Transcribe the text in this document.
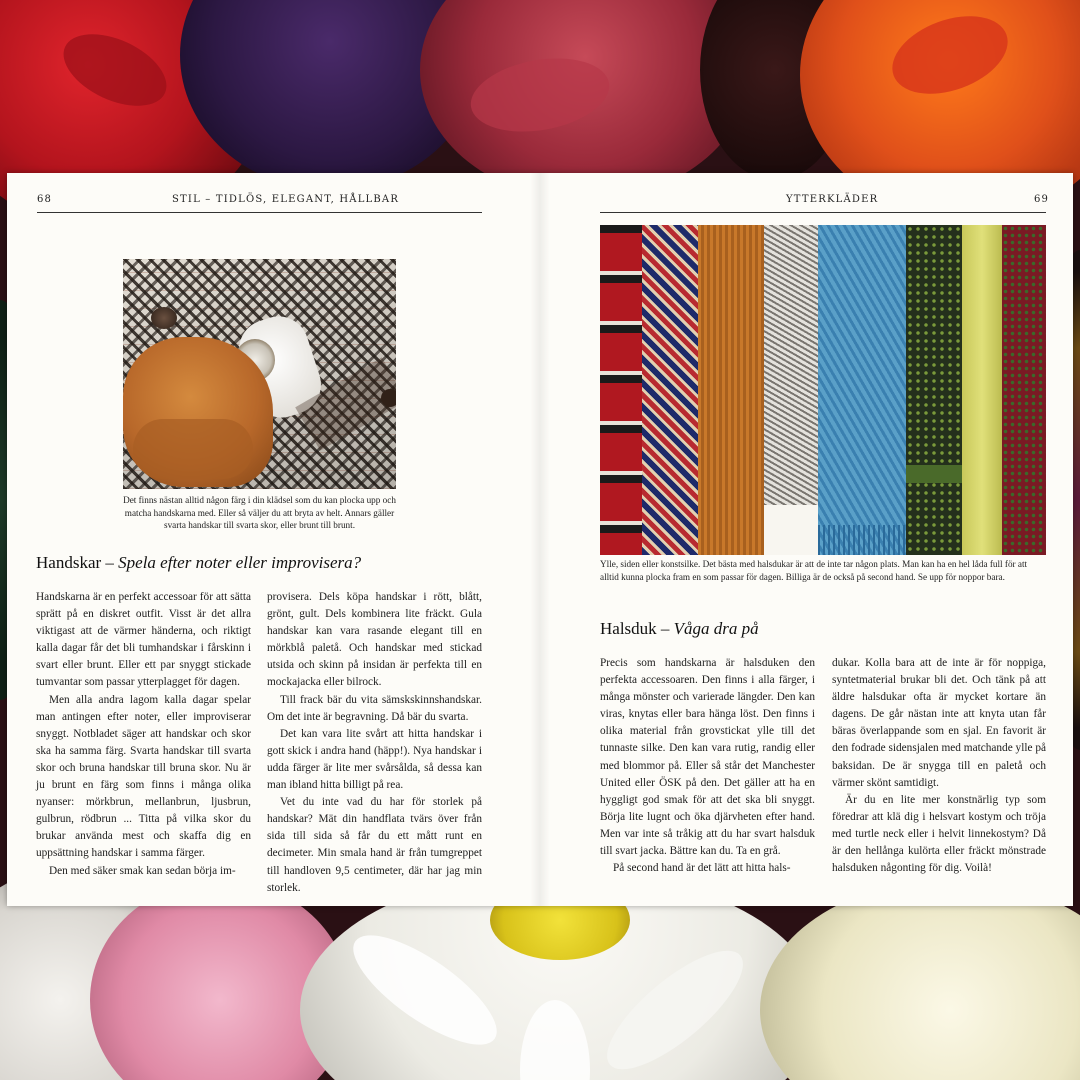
68	STIL – TIDLÖS, ELEGANT, HÅLLBAR
Det finns nästan alltid någon färg i din klädsel som du kan plocka upp och matcha handskarna med. Eller så väljer du att bryta av helt. Annars gäller svarta handskar till svarta skor, eller brunt till brunt.
Handskar – Spela efter noter eller improvisera?

Handskarna är en perfekt accessoar för att sätta sprätt på en diskret outfit. Visst är det allra viktigast att de värmer händerna, och riktigt kalla dagar får det bli tumhandskar i fårskinn i svart eller brunt. Eller ett par snyggt stickade tumvantar som passar ytterplagget för dagen.

Men alla andra lagom kalla dagar spelar man antingen efter noter, eller improviserar snyggt. Notbladet säger att handskar och skor ska ha samma färg. Svarta handskar till svarta skor och bruna handskar till bruna skor. Nu är ju brunt en färg som finns i många olika nyanser: mörkbrun, mellanbrun, ljusbrun, gulbrun, rödbrun ... Titta på vilka skor du brukar använda mest och skaffa dig en uppsättning handskar i samma färger.

Den med säker smak kan sedan börja im-

provisera. Dels köpa handskar i rött, blått, grönt, gult. Dels kombinera lite fräckt. Gula handskar kan vara rasande elegant till en mörkblå paletå. Och handskar med stickad utsida och skinn på insidan är perfekta till en mockajacka eller bilrock.

Till frack bär du vita sämskskinnshandskar. Om det inte är begravning. Då bär du svarta.

Det kan vara lite svårt att hitta handskar i gott skick i andra hand (häpp!). Nya handskar i udda färger är lite mer svårsålda, så dessa kan man ibland hitta billigt på rea.

Vet du inte vad du har för storlek på handskar? Mät din handflata tvärs över från sida till sida så får du ett mått runt en decimeter. Min smala hand är från tumgreppet till handloven 9,5 centimeter, där har jag min storlek.

YTTERKLÄDER	69
Ylle, siden eller konstsilke. Det bästa med halsdukar är att de inte tar någon plats. Man kan ha en hel låda full för att alltid kunna plocka fram en som passar för dagen. Billiga är de också på second hand. Se upp för noppor bara.
Halsduk – Våga dra på

Precis som handskarna är halsduken den perfekta accessoaren. Den finns i alla färger, i många mönster och varierade längder. Den kan viras, knytas eller bara hänga löst. Den finns i olika material från grovstickat ylle till det tunnaste silke. Den kan vara rutig, randig eller med blommor på. Eller så står det Manchester United eller ÖSK på den. Det gäller att ha en hyggligt god smak för att det ska bli snyggt. Börja lite lugnt och öka djärvheten efter hand. Men var inte så tråkig att du har svart halsduk till svart jacka. Bättre kan du. Ta en grå.

På second hand är det lätt att hitta hals-

dukar. Kolla bara att de inte är för noppiga, syntetmaterial brukar bli det. Och tänk på att äldre halsdukar ofta är mycket kortare än dagens. De går nästan inte att knyta utan får bäras överlappande som en sjal. En favorit är den fodrade sidensjalen med matchande ylle på baksidan. De är snygga till en paletå och värmer skönt samtidigt.

Är du en lite mer konstnärlig typ som föredrar att klä dig i helsvart kostym och tröja med turtle neck eller i helvit linnekostym? Då är den hellånga kulörta eller fräckt mönstrade halsduken någonting för dig. Voilà!
